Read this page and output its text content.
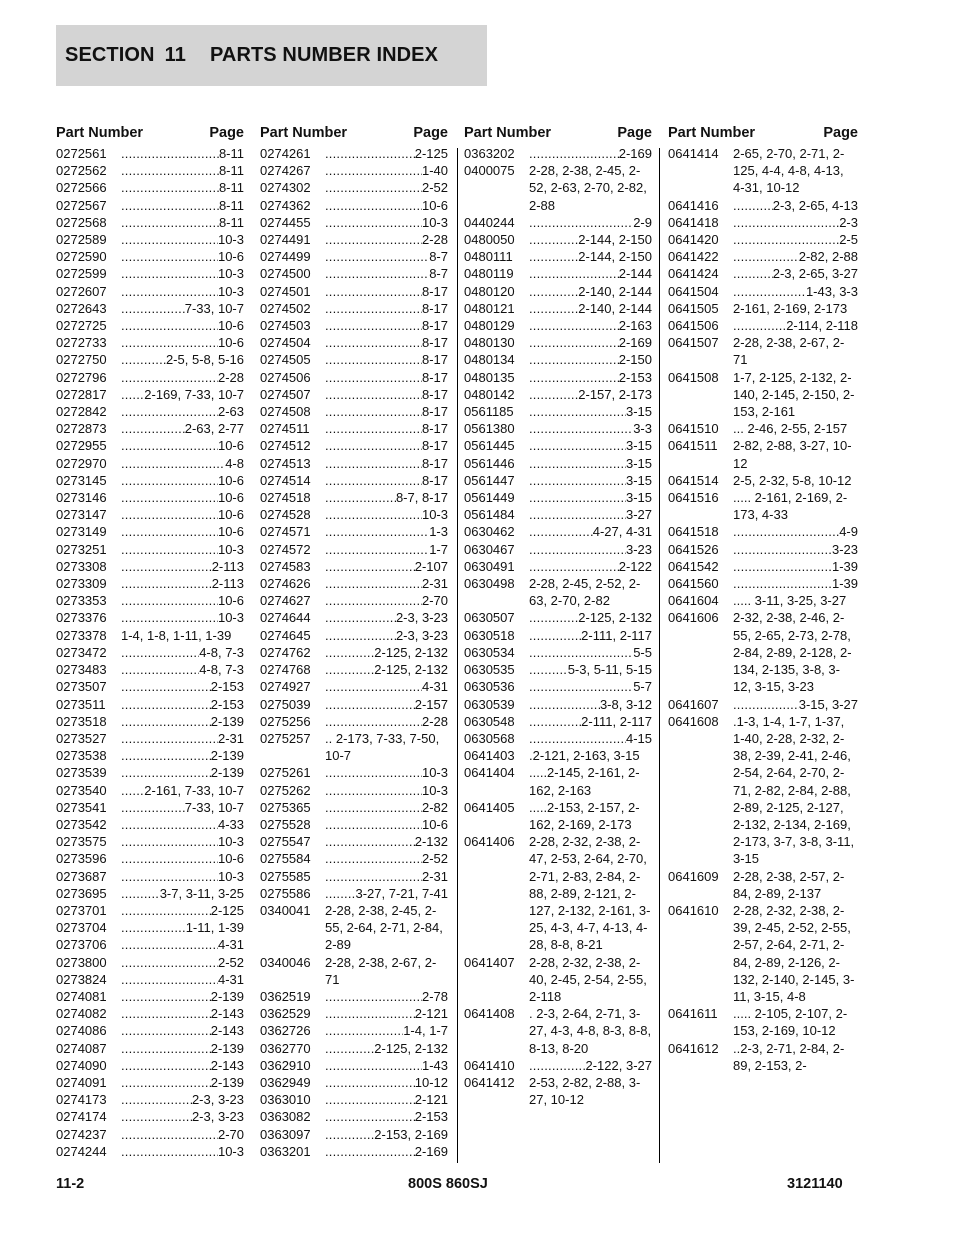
SECTION 11 PARTS NUMBER INDEX
Part Number	Page
0272561 .....	8-11
0272562 .....	8-11
0272566 .....	8-11
0272567 .....	8-11
0272568 .....	8-11
0272589 .....	10-3
0272590 .....	10-6
0272599 .....	10-3
0272607 .....	10-3
0272643 .....	7-33, 10-7
0272725 .....	10-6
0272733 .....	10-6
0272750 .....	2-5, 5-8, 5-16
0272796 .....	2-28
0272817 .....	2-169, 7-33, 10-7
0272842 .....	2-63
0272873 .....	2-63, 2-77
0272955 .....	10-6
0272970 .....	4-8
0273145 .....	10-6
0273146 .....	10-6
0273147 .....	10-6
0273149 .....	10-6
0273251 .....	10-3
0273308 .....	2-113
0273309 .....	2-113
0273353 .....	10-6
0273376 .....	10-3
0273378	1-4, 1-8, 1-11, 1-39
0273472 .....	4-8, 7-3
0273483 .....	4-8, 7-3
0273507 .....	2-153
0273511 .....	2-153
0273518 .....	2-139
0273527 .....	2-31
0273538 .....	2-139
0273539 .....	2-139
0273540 .....	2-161, 7-33, 10-7
0273541 .....	7-33, 10-7
0273542 .....	4-33
0273575 .....	10-3
0273596 .....	10-6
0273687 .....	10-3
0273695 .....	3-7, 3-11, 3-25
0273701 .....	2-125
0273704 .....	1-11, 1-39
0273706 .....	4-31
0273800 .....	2-52
0273824 .....	4-31
0274081 .....	2-139
0274082 .....	2-143
0274086 .....	2-143
0274087 .....	2-139
0274090 .....	2-143
0274091 .....	2-139
0274173 .....	2-3, 3-23
0274174 .....	2-3, 3-23
0274237 .....	2-70
0274244 .....	10-3
Part Number	Page
0274261 .....	2-125
0274267 .....	1-40
0274302 .....	2-52
0274362 .....	10-6
0274455 .....	10-3
0274491 .....	2-28
0274499 .....	8-7
0274500 .....	8-7
0274501 .....	8-17
0274502 .....	8-17
0274503 .....	8-17
0274504 .....	8-17
0274505 .....	8-17
0274506 .....	8-17
0274507 .....	8-17
0274508 .....	8-17
0274511 .....	8-17
0274512 .....	8-17
0274513 .....	8-17
0274514 .....	8-17
0274518 .....	8-7, 8-17
0274528 .....	10-3
0274571 .....	1-3
0274572 .....	1-7
0274583 .....	2-107
0274626 .....	2-31
0274627 .....	2-70
0274644 .....	2-3, 3-23
0274645 .....	2-3, 3-23
0274762 .....	2-125, 2-132
0274768 .....	2-125, 2-132
0274927 .....	4-31
0275039 .....	2-157
0275256 .....	2-28
0275257	.. 2-173, 7-33, 7-50, 10-7
0275261 .....	10-3
0275262 .....	10-3
0275365 .....	2-82
0275528 .....	10-6
0275547 .....	2-132
0275584 .....	2-52
0275585 .....	2-31
0275586 .....	3-27, 7-21, 7-41
0340041	2-28, 2-38, 2-45, 2-55, 2-64, 2-71, 2-84, 2-89
0340046	2-28, 2-38, 2-67, 2-71
0362519 .....	2-78
0362529 .....	2-121
0362726 .....	1-4, 1-7
0362770 .....	2-125, 2-132
0362910 .....	1-43
0362949 .....	10-12
0363010 .....	2-121
0363082 .....	2-153
0363097 .....	2-153, 2-169
0363201 .....	2-169
Part Number	Page
0363202 .....	2-169
0400075	2-28, 2-38, 2-45, 2-52, 2-63, 2-70, 2-82, 2-88
0440244 .....	2-9
0480050 .....	2-144, 2-150
0480111 .....	2-144, 2-150
0480119 .....	2-144
0480120 .....	2-140, 2-144
0480121 .....	2-140, 2-144
0480129 .....	2-163
0480130 .....	2-169
0480134 .....	2-150
0480135 .....	2-153
0480142 .....	2-157, 2-173
0561185 .....	3-15
0561380 .....	3-3
0561445 .....	3-15
0561446 .....	3-15
0561447 .....	3-15
0561449 .....	3-15
0561484 .....	3-27
0630462 .....	4-27, 4-31
0630467 .....	3-23
0630491 .....	2-122
0630498	2-28, 2-45, 2-52, 2-63, 2-70, 2-82
0630507 .....	2-125, 2-132
0630518 .....	2-111, 2-117
0630534 .....	5-5
0630535 .....	5-3, 5-11, 5-15
0630536 .....	5-7
0630539 .....	3-8, 3-12
0630548 .....	2-111, 2-117
0630568 .....	4-15
0641403	.2-121, 2-163, 3-15
0641404	.....2-145, 2-161, 2-162, 2-163
0641405	.....2-153, 2-157, 2-162, 2-169, 2-173
0641406	2-28, 2-32, 2-38, 2-47, 2-53, 2-64, 2-70, 2-71, 2-83, 2-84, 2-88, 2-89, 2-121, 2-127, 2-132, 2-161, 3-25, 4-3, 4-7, 4-13, 4-28, 8-8, 8-21
0641407	2-28, 2-32, 2-38, 2-40, 2-45, 2-54, 2-55, 2-118
0641408	. 2-3, 2-64, 2-71, 3-27, 4-3, 4-8, 8-3, 8-8, 8-13, 8-20
0641410 .....	2-122, 3-27
0641412	2-53, 2-82, 2-88, 3-27, 10-12
Part Number	Page
0641414	2-65, 2-70, 2-71, 2-125, 4-4, 4-8, 4-13, 4-31, 10-12
0641416 .....	2-3, 2-65, 4-13
0641418 .....	2-3
0641420 .....	2-5
0641422 .....	2-82, 2-88
0641424 .....	2-3, 2-65, 3-27
0641504 .....	1-43, 3-3
0641505	2-161, 2-169, 2-173
0641506 .....	2-114, 2-118
0641507	2-28, 2-38, 2-67, 2-71
0641508	1-7, 2-125, 2-132, 2-140, 2-145, 2-150, 2-153, 2-161
0641510	... 2-46, 2-55, 2-157
0641511	2-82, 2-88, 3-27, 10-12
0641514	2-5, 2-32, 5-8, 10-12
0641516	..... 2-161, 2-169, 2-173, 4-33
0641518 .....	4-9
0641526 .....	3-23
0641542 .....	1-39
0641560 .....	1-39
0641604	..... 3-11, 3-25, 3-27
0641606	2-32, 2-38, 2-46, 2-55, 2-65, 2-73, 2-78, 2-84, 2-89, 2-128, 2-134, 2-135, 3-8, 3-12, 3-15, 3-23
0641607 .....	3-15, 3-27
0641608	.1-3, 1-4, 1-7, 1-37, 1-40, 2-28, 2-32, 2-38, 2-39, 2-41, 2-46, 2-54, 2-64, 2-70, 2-71, 2-82, 2-84, 2-88, 2-89, 2-125, 2-127, 2-132, 2-134, 2-169, 2-173, 3-7, 3-8, 3-11, 3-15
0641609	2-28, 2-38, 2-57, 2-84, 2-89, 2-137
0641610	2-28, 2-32, 2-38, 2-39, 2-45, 2-52, 2-55, 2-57, 2-64, 2-71, 2-84, 2-89, 2-126, 2-132, 2-140, 2-145, 3-11, 3-15, 4-8
0641611	..... 2-105, 2-107, 2-153, 2-169, 10-12
0641612	..2-3, 2-71, 2-84, 2-89, 2-153, 2-
11-2	800S 860SJ	3121140
